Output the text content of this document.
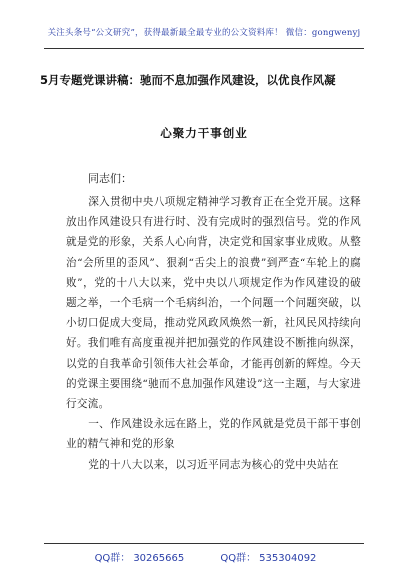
关注头条号“公文研究”，获得最新最全最专业的公文资料库！ 微信：gongwenyj
5月专题党课讲稿：驰而不息加强作风建设，以优良作风凝
心聚力干事创业
同志们：

深入贯彻中央八项规定精神学习教育正在全党开展。这释放出作风建设只有进行时、没有完成时的强烈信号。党的作风就是党的形象，关系人心向背，决定党和国家事业成败。从整治“会所里的歪风”、狠刹“舌尖上的浪费”到严查“车轮上的腐败”，党的十八大以来，党中央以八项规定作为作风建设的破题之举，一个毛病一个毛病纠治，一个问题一个问题突破，以小切口促成大变局，推动党风政风焕然一新，社风民风持续向好。我们唯有高度重视并把加强党的作风建设不断推向纵深，以党的自我革命引领伟大社会革命，才能再创新的辉煌。今天的党课主要围绕“驰而不息加强作风建设”这一主题，与大家进行交流。

一、作风建设永远在路上，党的作风就是党员干部干事创业的精气神和党的形象

党的十八大以来，以习近平同志为核心的党中央站在

QQ群： 30265665	QQ群： 535304092
